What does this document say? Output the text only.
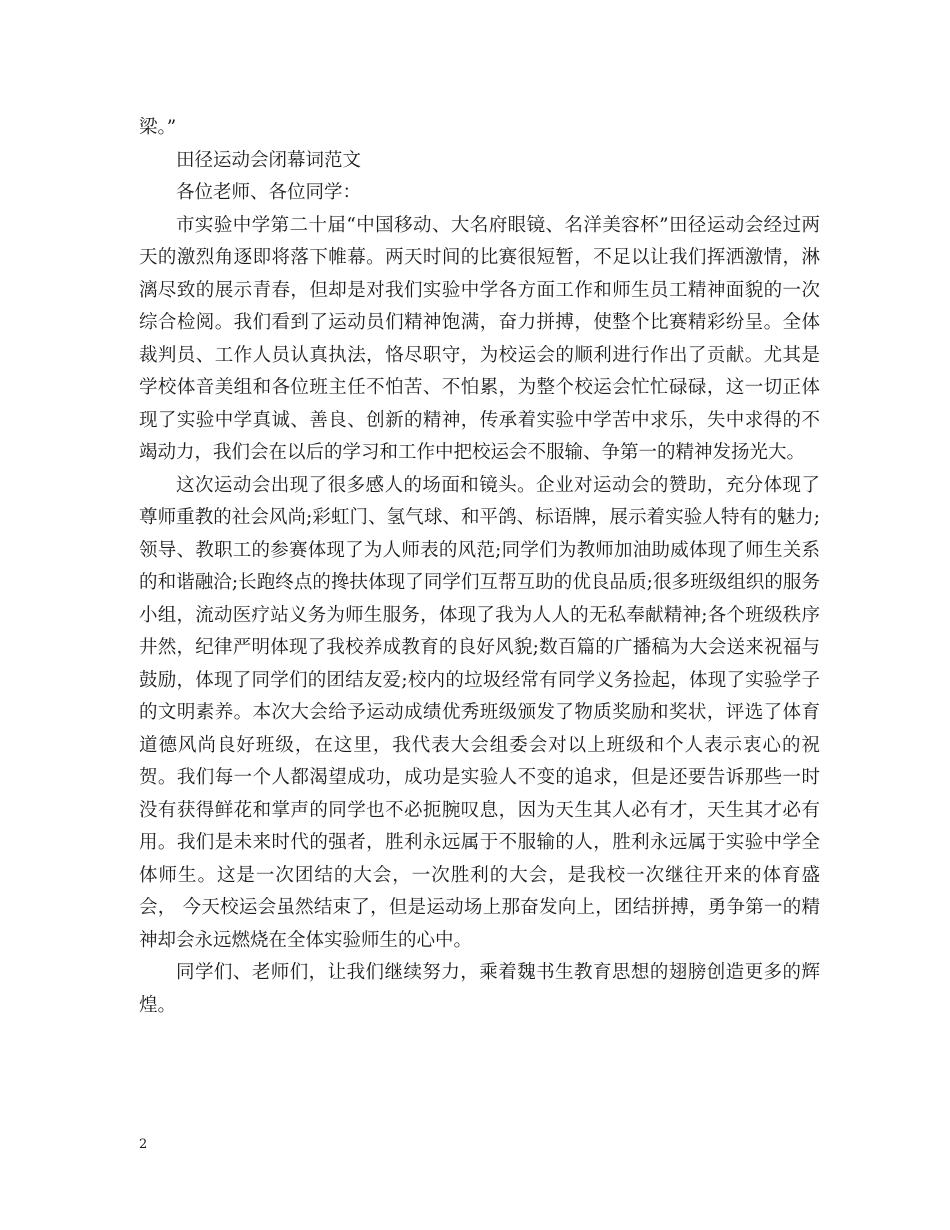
梁。”

田径运动会闭幕词范文

各位老师、各位同学：

市实验中学第二十届“中国移动、大名府眼镜、名洋美容杯”田径运动会经过两天的激烈角逐即将落下帷幕。两天时间的比赛很短暂，不足以让我们挥洒激情，淋漓尽致的展示青春，但却是对我们实验中学各方面工作和师生员工精神面貌的一次综合检阅。我们看到了运动员们精神饱满，奋力拼搏，使整个比赛精彩纷呈。全体裁判员、工作人员认真执法，恪尽职守，为校运会的顺利进行作出了贡献。尤其是学校体音美组和各位班主任不怕苦、不怕累，为整个校运会忙忙碌碌，这一切正体现了实验中学真诚、善良、创新的精神，传承着实验中学苦中求乐，失中求得的不竭动力，我们会在以后的学习和工作中把校运会不服输、争第一的精神发扬光大。

这次运动会出现了很多感人的场面和镜头。企业对运动会的赞助，充分体现了尊师重教的社会风尚;彩虹门、氢气球、和平鸽、标语牌，展示着实验人特有的魅力;领导、教职工的参赛体现了为人师表的风范;同学们为教师加油助威体现了师生关系的和谐融洽;长跑终点的搀扶体现了同学们互帮互助的优良品质;很多班级组织的服务小组，流动医疗站义务为师生服务，体现了我为人人的无私奉献精神;各个班级秩序井然，纪律严明体现了我校养成教育的良好风貌;数百篇的广播稿为大会送来祝福与鼓励，体现了同学们的团结友爱;校内的垃圾经常有同学义务捡起，体现了实验学子的文明素养。本次大会给予运动成绩优秀班级颁发了物质奖励和奖状，评选了体育道德风尚良好班级，在这里，我代表大会组委会对以上班级和个人表示衷心的祝贺。我们每一个人都渴望成功，成功是实验人不变的追求，但是还要告诉那些一时没有获得鲜花和掌声的同学也不必扼腕叹息，因为天生其人必有才，天生其才必有用。我们是未来时代的强者，胜利永远属于不服输的人，胜利永远属于实验中学全体师生。这是一次团结的大会，一次胜利的大会，是我校一次继往开来的体育盛会， 今天校运会虽然结束了，但是运动场上那奋发向上，团结拼搏，勇争第一的精神却会永远燃烧在全体实验师生的心中。

同学们、老师们，让我们继续努力，乘着魏书生教育思想的翅膀创造更多的辉煌。

2
